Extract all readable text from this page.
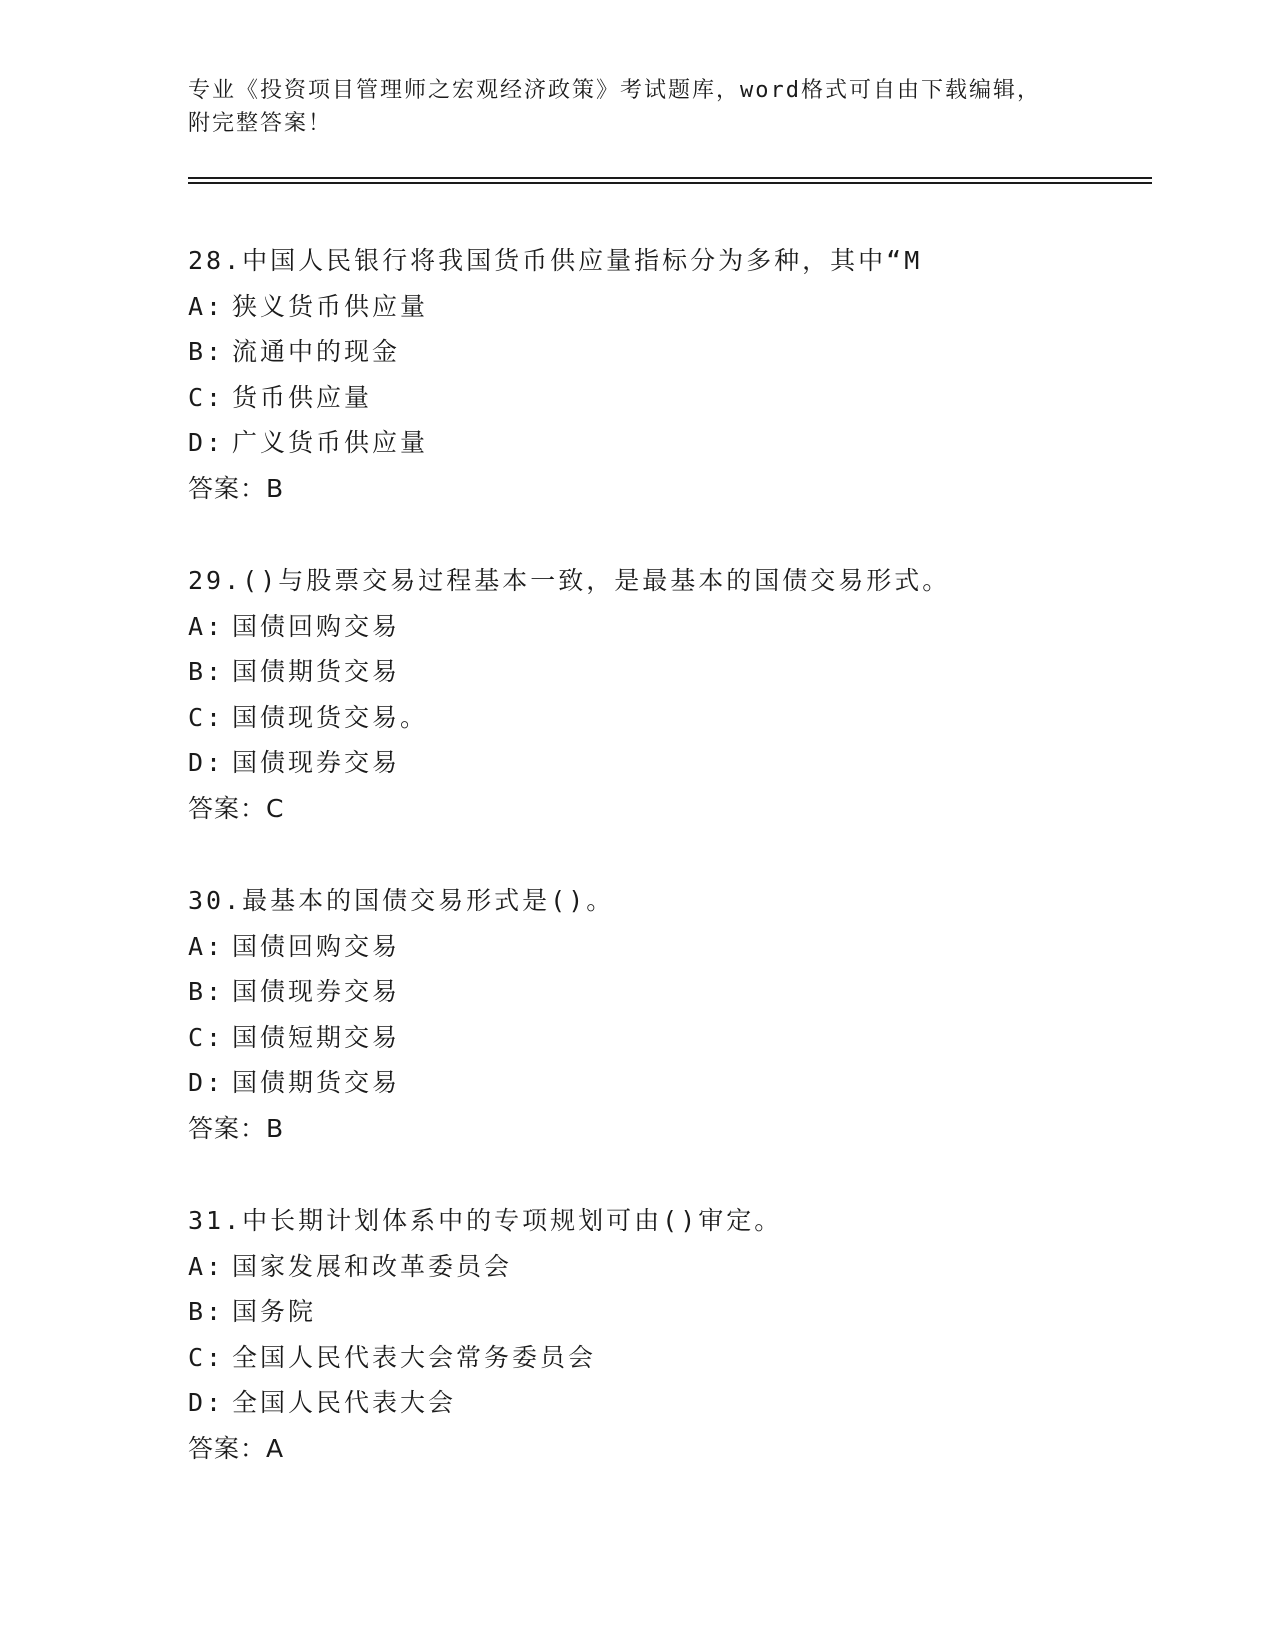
专业《投资项目管理师之宏观经济政策》考试题库，word格式可自由下载编辑，
附完整答案！
28.中国人民银行将我国货币供应量指标分为多种，其中“M
A: 狭义货币供应量
B: 流通中的现金
C: 货币供应量
D: 广义货币供应量
答案：B
29.()与股票交易过程基本一致，是最基本的国债交易形式。
A: 国债回购交易
B: 国债期货交易
C: 国债现货交易。
D: 国债现券交易
答案：C
30.最基本的国债交易形式是()。
A: 国债回购交易
B: 国债现券交易
C: 国债短期交易
D: 国债期货交易
答案：B
31.中长期计划体系中的专项规划可由()审定。
A: 国家发展和改革委员会
B: 国务院
C: 全国人民代表大会常务委员会
D: 全国人民代表大会
答案：A
